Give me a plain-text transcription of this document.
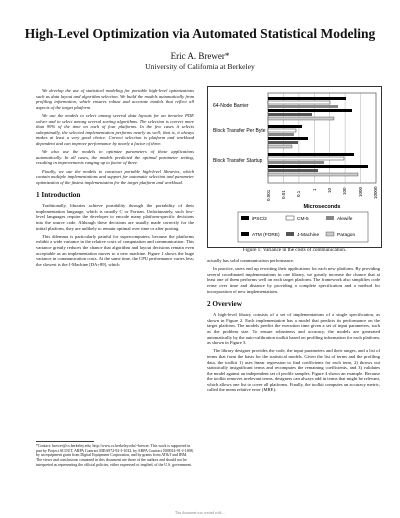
High-Level Optimization via Automated Statistical Modeling
Eric A. Brewer*
University of California at Berkeley

We develop the use of statistical modeling for portable high-level optimizations such as data layout and algorithm selection. We build the models automatically from profiling information, which ensures robust and accurate models that reflect all aspects of the target platform.

We use the models to select among several data layouts for an iterative PDE solver and to select among several sorting algorithms. The selection is correct more than 99% of the time on each of four platforms. In the few cases it selects suboptimally, the selected implementation performs nearly as well; that is, it always makes at least a very good choice. Correct selection is platform and workload dependent and can improve performance by nearly a factor of three.

We also use the models to optimize parameters of these applications automatically. In all cases, the models predicted the optimal parameter setting, resulting in improvements ranging up to factor of three.

Finally, we use the models to construct portable high-level libraries, which contain multiple implementations and support for automatic selection and parameter optimization of the fastest implementation for the target platform and workload.

1 Introduction

Traditionally, libraries achieve portability through the portability of their implementation language, which is usually C or Fortran. Unfortunately, such low-level languages require the developer to encode many platform-specific decisions into the source code. Although these decisions are usually made correctly for the initial platform, they are unlikely to remain optimal over time or after porting.

This dilemma is particularly painful for supercomputers, because the platforms exhibit a wide variance in the relative costs of computation and communication. This variance greatly reduces the chance that algorithm and layout decisions remain even acceptable as an implementation moves to a new machine. Figure 1 shows the huge variance in communication costs. At the same time, the CPU performance varies less; the slowest is the J-Machine [DA+89], which

*Contact: brewer@cs.berkeley.edu; http://www.cs.berkeley.edu/~brewer. This work is supported in part by Project SCOUT, ARPA Contract MDA972-92-J-1032, by ARPA Contract N00014-91-J-1698, by an equipment grant from Digital Equipment Corporation, and by grants from AT&T and IBM. The views and conclusions contained in this document are those of the authors and should not be interpreted as representing the official policies, either expressed or implied, of the U.S. government.
64-Node Barrier
Block Transfer Per Byte
Block Transfer Startup
0.001 0.01 0.1
1 10 100 1000 10000
Microseconds
iPSC/2	CM-5	Alewife
ATM (FORE)	J-Machine	Paragon
Figure 1: Variance in the costs of communication.

actually has solid communication performance.

In practice, users end up rewriting their applications for each new platform. By providing several coordinated implementations in one library, we greatly increase the chance that at least one of them performs well on each target platform. The framework also simplifies code reuse over time and distance by providing a complete specification and a method for incorporation of new implementations.

2 Overview

A high-level library consists of a set of implementations of a single specification, as shown in Figure 2. Each implementation has a model that predicts its performance on the target platform. The models predict the execution time given a set of input parameters, such as the problem size. To ensure robustness and accuracy, the models are generated automatically by the auto-calibration toolkit based on profiling information for each platform, as shown in Figure 3.

The library designer provides the code, the input parameters and their ranges, and a list of terms that form the basis for the statistical models. Given the list of terms and the profiling data, the toolkit 1) uses linear regression to find coefficients for each term, 2) throws out statistically insignificant terms and recomputes the remaining coefficients, and 3) validates the model against an independent set of profile samples. Figure 4 shows an example. Because the toolkit removes irrelevant terms, designers can always add in terms that might be relevant, which allows one list to cover all platforms. Finally, the toolkit computes an accuracy metric, called the mean relative error (MRE):

This document was created with ...
